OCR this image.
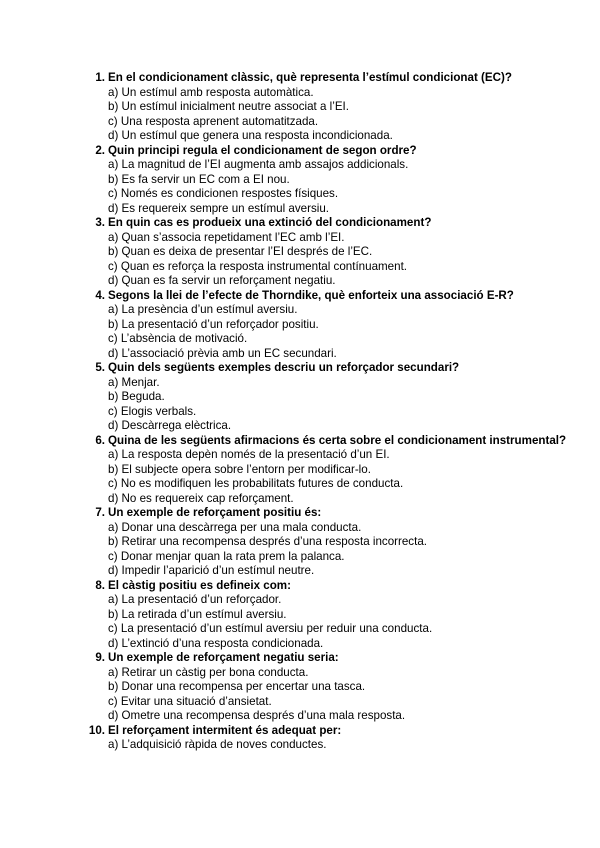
1. En el condicionament clàssic, què representa l’estímul condicionat (EC)?
a) Un estímul amb resposta automàtica.
b) Un estímul inicialment neutre associat a l’EI.
c) Una resposta aprenent automatitzada.
d) Un estímul que genera una resposta incondicionada.
2. Quin principi regula el condicionament de segon ordre?
a) La magnitud de l’EI augmenta amb assajos addicionals.
b) Es fa servir un EC com a EI nou.
c) Només es condicionen respostes físiques.
d) Es requereix sempre un estímul aversiu.
3. En quin cas es produeix una extinció del condicionament?
a) Quan s’associa repetidament l’EC amb l’EI.
b) Quan es deixa de presentar l’EI després de l’EC.
c) Quan es reforça la resposta instrumental contínuament.
d) Quan es fa servir un reforçament negatiu.
4. Segons la llei de l’efecte de Thorndike, què enforteix una associació E-R?
a) La presència d’un estímul aversiu.
b) La presentació d’un reforçador positiu.
c) L’absència de motivació.
d) L’associació prèvia amb un EC secundari.
5. Quin dels següents exemples descriu un reforçador secundari?
a) Menjar.
b) Beguda.
c) Elogis verbals.
d) Descàrrega elèctrica.
6. Quina de les següents afirmacions és certa sobre el condicionament instrumental?
a) La resposta depèn només de la presentació d’un EI.
b) El subjecte opera sobre l’entorn per modificar-lo.
c) No es modifiquen les probabilitats futures de conducta.
d) No es requereix cap reforçament.
7. Un exemple de reforçament positiu és:
a) Donar una descàrrega per una mala conducta.
b) Retirar una recompensa després d’una resposta incorrecta.
c) Donar menjar quan la rata prem la palanca.
d) Impedir l’aparició d’un estímul neutre.
8. El càstig positiu es defineix com:
a) La presentació d’un reforçador.
b) La retirada d’un estímul aversiu.
c) La presentació d’un estímul aversiu per reduir una conducta.
d) L’extinció d’una resposta condicionada.
9. Un exemple de reforçament negatiu seria:
a) Retirar un càstig per bona conducta.
b) Donar una recompensa per encertar una tasca.
c) Evitar una situació d’ansietat.
d) Ometre una recompensa després d’una mala resposta.
10. El reforçament intermitent és adequat per:
a) L’adquisició ràpida de noves conductes.
